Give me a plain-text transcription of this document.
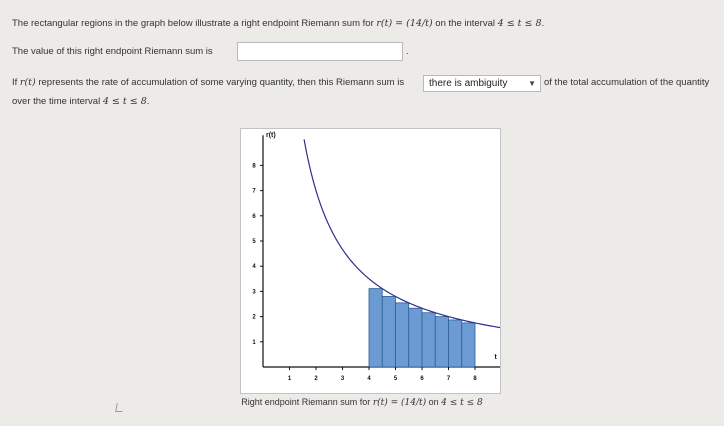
The rectangular regions in the graph below illustrate a right endpoint Riemann sum for r(t) = (14/t) on the interval 4 ≤ t ≤ 8.
The value of this right endpoint Riemann sum is	.
If r(t) represents the rate of accumulation of some varying quantity, then this Riemann sum is	there is ambiguity	▼ of the total accumulation of the quantity
over the time interval 4 ≤ t ≤ 8.
1	2	3	4	5	6	7	8
1
2
3
4
5
6
7
8
r(t)
t
Right endpoint Riemann sum for r(t) = (14/t) on 4 ≤ t ≤ 8
